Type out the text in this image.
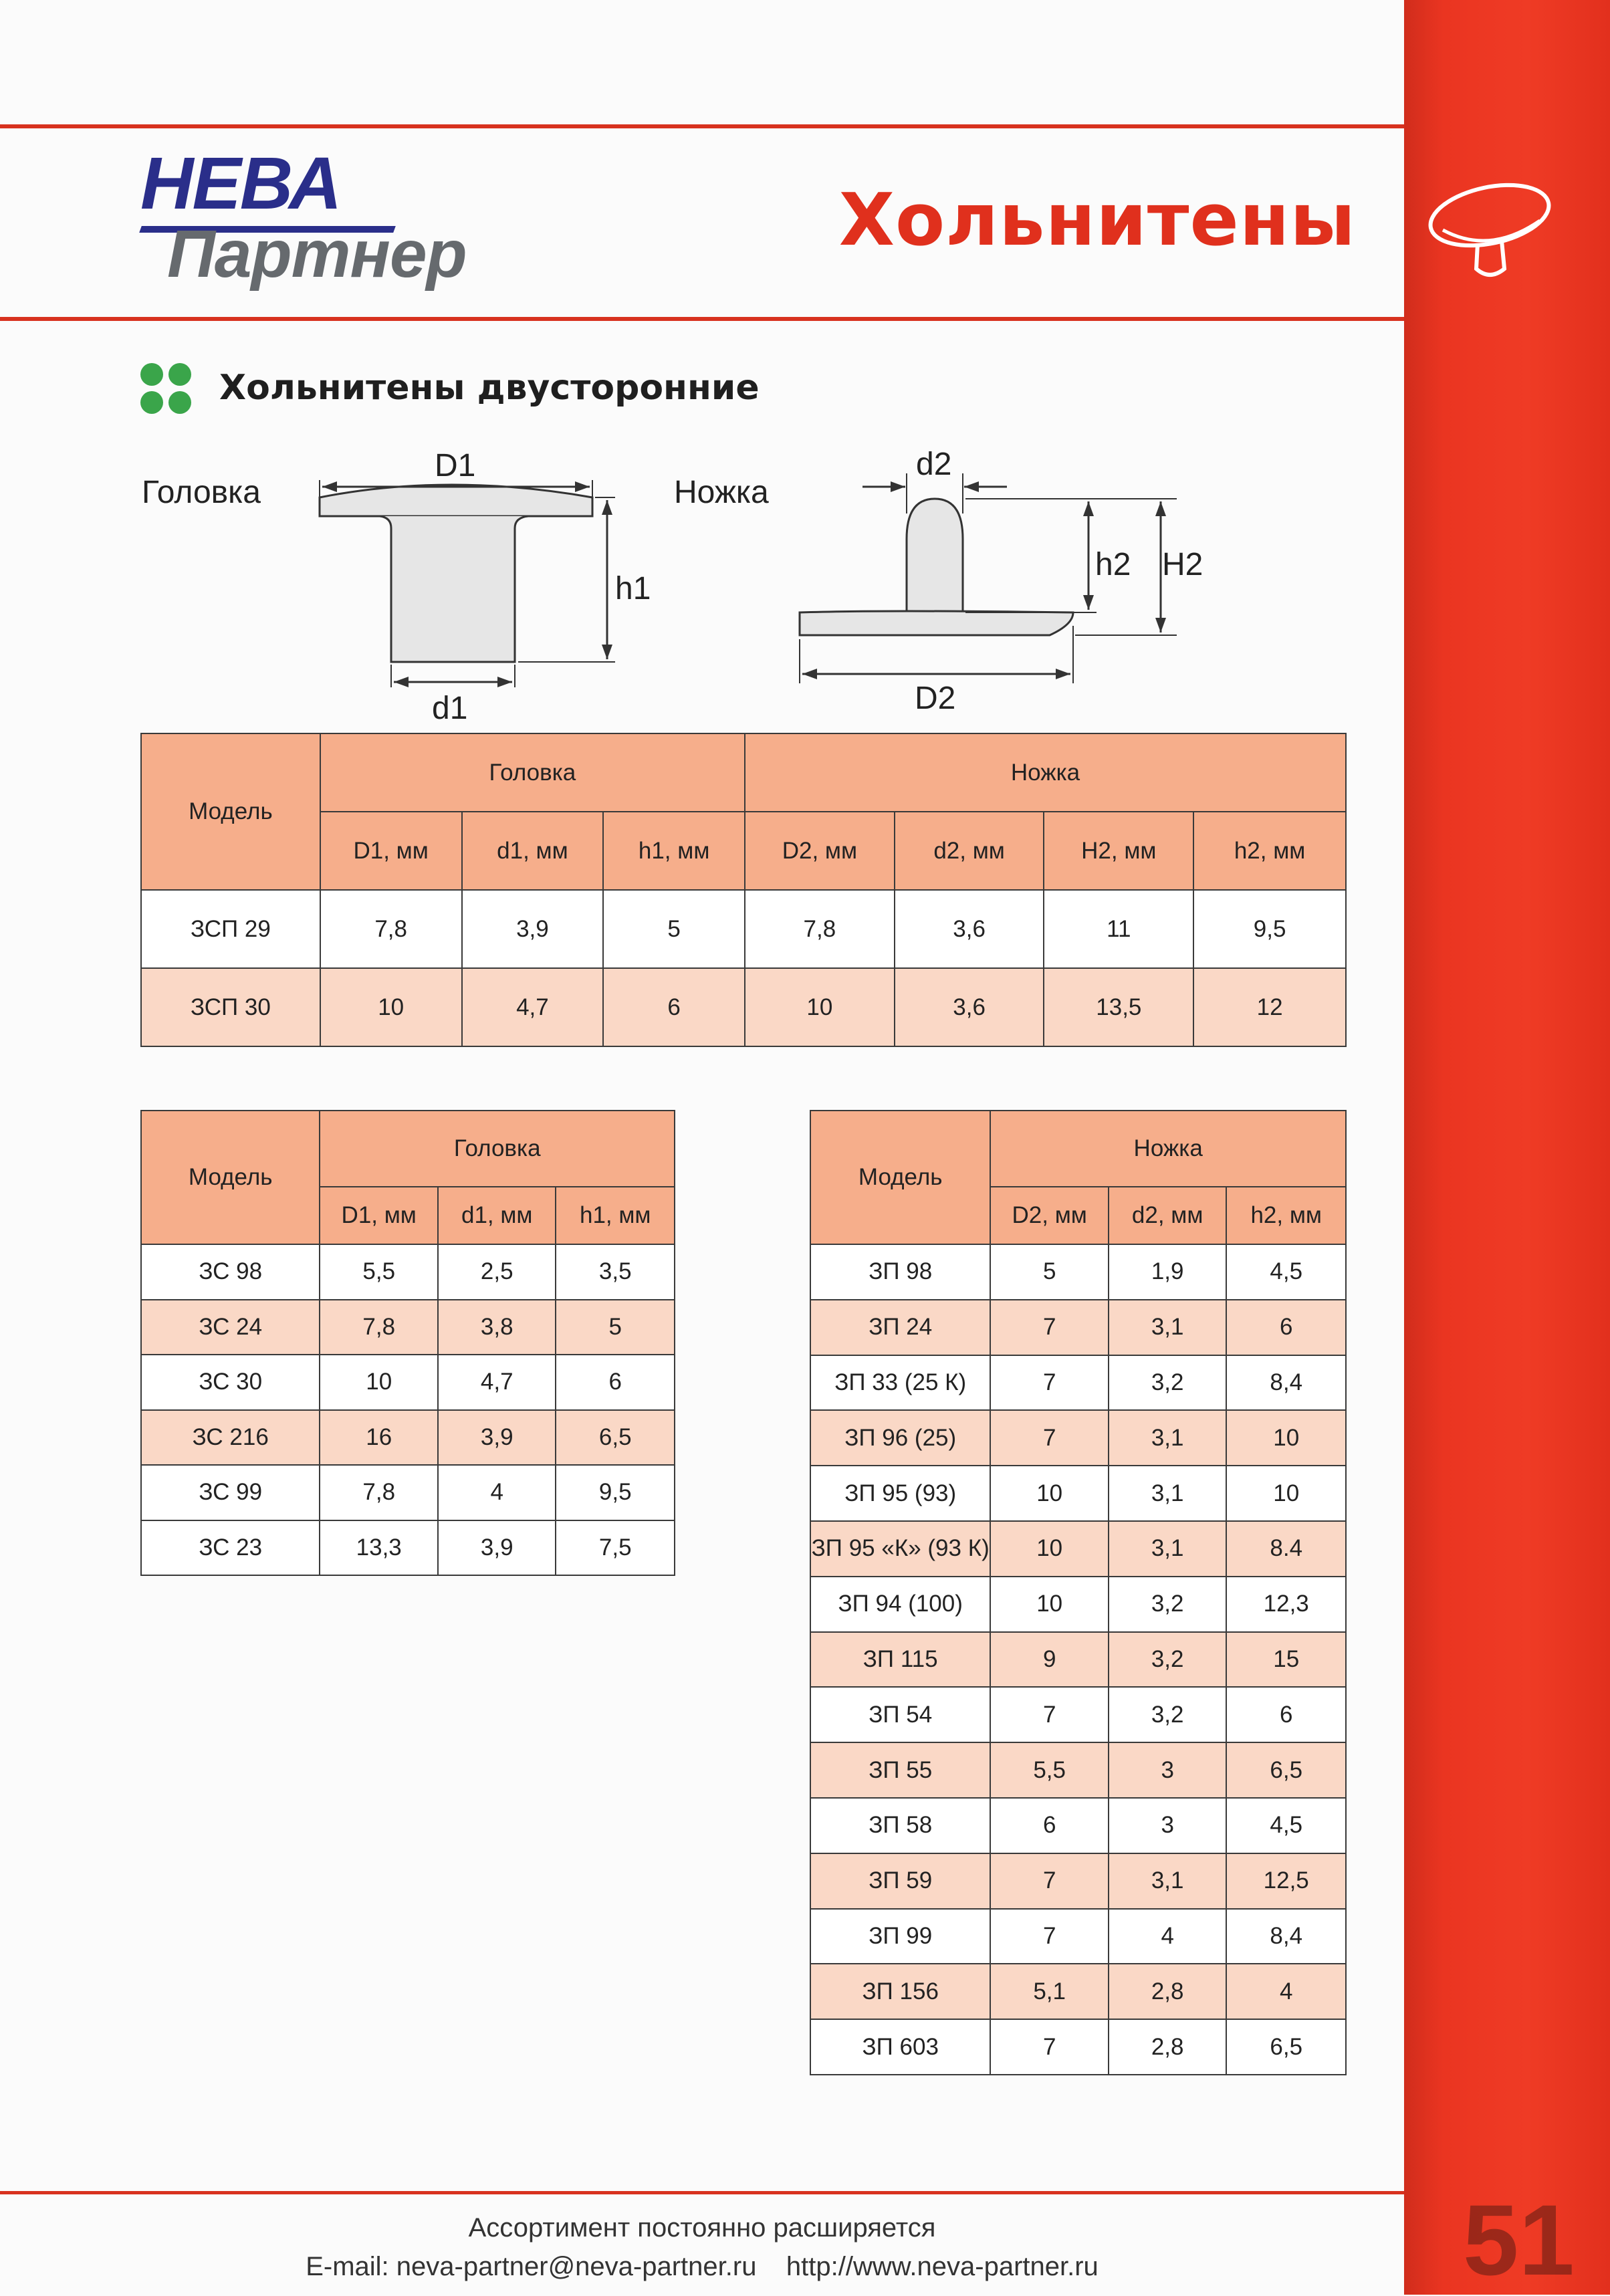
НЕВА
Партнер	Хольнитены
Хольнитены двусторонние
Головка
D1
h1
d1
Ножка
d2
h2 H2
D2
Модель	Головка			Ножка			
	D1, мм	d1, мм	h1, мм	D2, мм	d2, мм	H2, мм	h2, мм
ЗСП 29	7,8	3,9	5	7,8	3,6	11	9,5
ЗСП 30	10	4,7	6	10	3,6	13,5	12
Модель	Головка		
	D1, мм	d1, мм	h1, мм
ЗС 98	5,5	2,5	3,5
ЗС 24	7,8	3,8	5
ЗС 30	10	4,7	6
ЗС 216	16	3,9	6,5
ЗС 99	7,8	4	9,5
ЗС 23	13,3	3,9	7,5
Модель	Ножка		
	D2, мм	d2, мм	h2, мм
ЗП 98	5	1,9	4,5
ЗП 24	7	3,1	6
ЗП 33 (25 К)	7	3,2	8,4
ЗП 96 (25)	7	3,1	10
ЗП 95 (93)	10	3,1	10
ЗП 95 «К» (93 К)	10	3,1	8.4
ЗП 94 (100)	10	3,2	12,3
ЗП 115	9	3,2	15
ЗП 54	7	3,2	6
ЗП 55	5,5	3	6,5
ЗП 58	6	3	4,5
ЗП 59	7	3,1	12,5
ЗП 99	7	4	8,4
ЗП 156	5,1	2,8	4
ЗП 603	7	2,8	6,5
Ассортимент постоянно расширяется
E-mail: neva-partner@neva-partner.ru    http://www.neva-partner.ru	51
